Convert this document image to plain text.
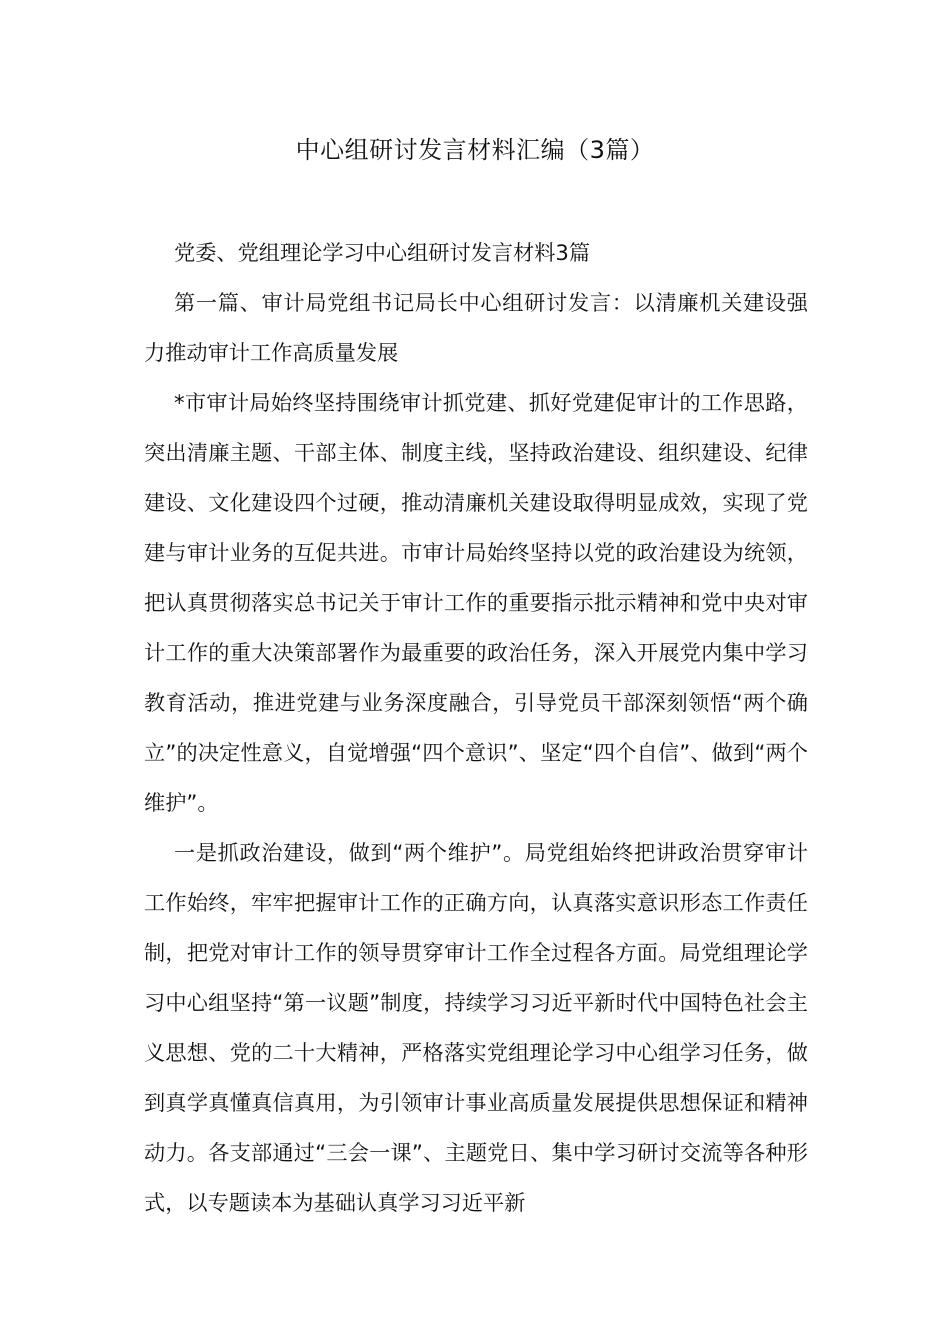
中心组研讨发言材料汇编（3篇）

党委、党组理论学习中心组研讨发言材料3篇

第一篇、审计局党组书记局长中心组研讨发言：以清廉机关建设强力推动审计工作高质量发展

*市审计局始终坚持围绕审计抓党建、抓好党建促审计的工作思路，突出清廉主题、干部主体、制度主线，坚持政治建设、组织建设、纪律建设、文化建设四个过硬，推动清廉机关建设取得明显成效，实现了党建与审计业务的互促共进。市审计局始终坚持以党的政治建设为统领，把认真贯彻落实总书记关于审计工作的重要指示批示精神和党中央对审计工作的重大决策部署作为最重要的政治任务，深入开展党内集中学习教育活动，推进党建与业务深度融合，引导党员干部深刻领悟“两个确立”的决定性意义，自觉增强“四个意识”、坚定“四个自信”、做到“两个维护”。

一是抓政治建设，做到“两个维护”。局党组始终把讲政治贯穿审计工作始终，牢牢把握审计工作的正确方向，认真落实意识形态工作责任制，把党对审计工作的领导贯穿审计工作全过程各方面。局党组理论学习中心组坚持“第一议题”制度，持续学习习近平新时代中国特色社会主义思想、党的二十大精神，严格落实党组理论学习中心组学习任务，做到真学真懂真信真用，为引领审计事业高质量发展提供思想保证和精神动力。各支部通过“三会一课”、主题党日、集中学习研讨交流等各种形式，以专题读本为基础认真学习习近平新
